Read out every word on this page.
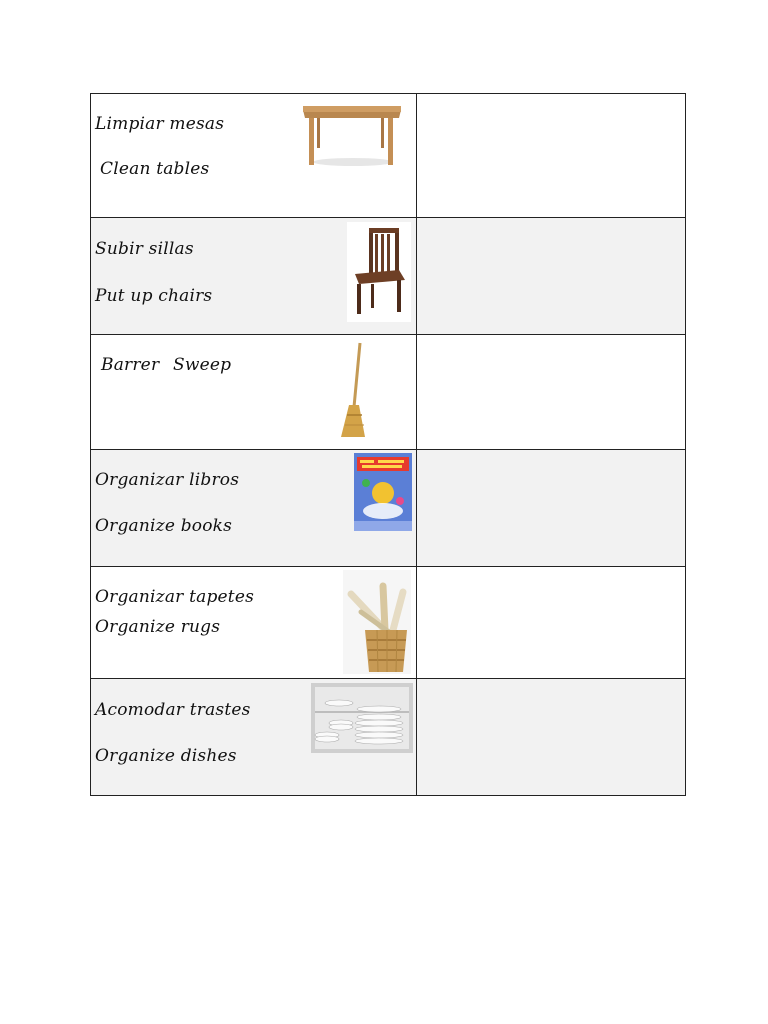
Limpiar mesas
Clean tables	

Subir sillas
Put up chairs	

Barrer Sweep	

Organizar libros
Organize books	

Organizar tapetes
Organize rugs	

Acomodar trastes
Organize dishes	
